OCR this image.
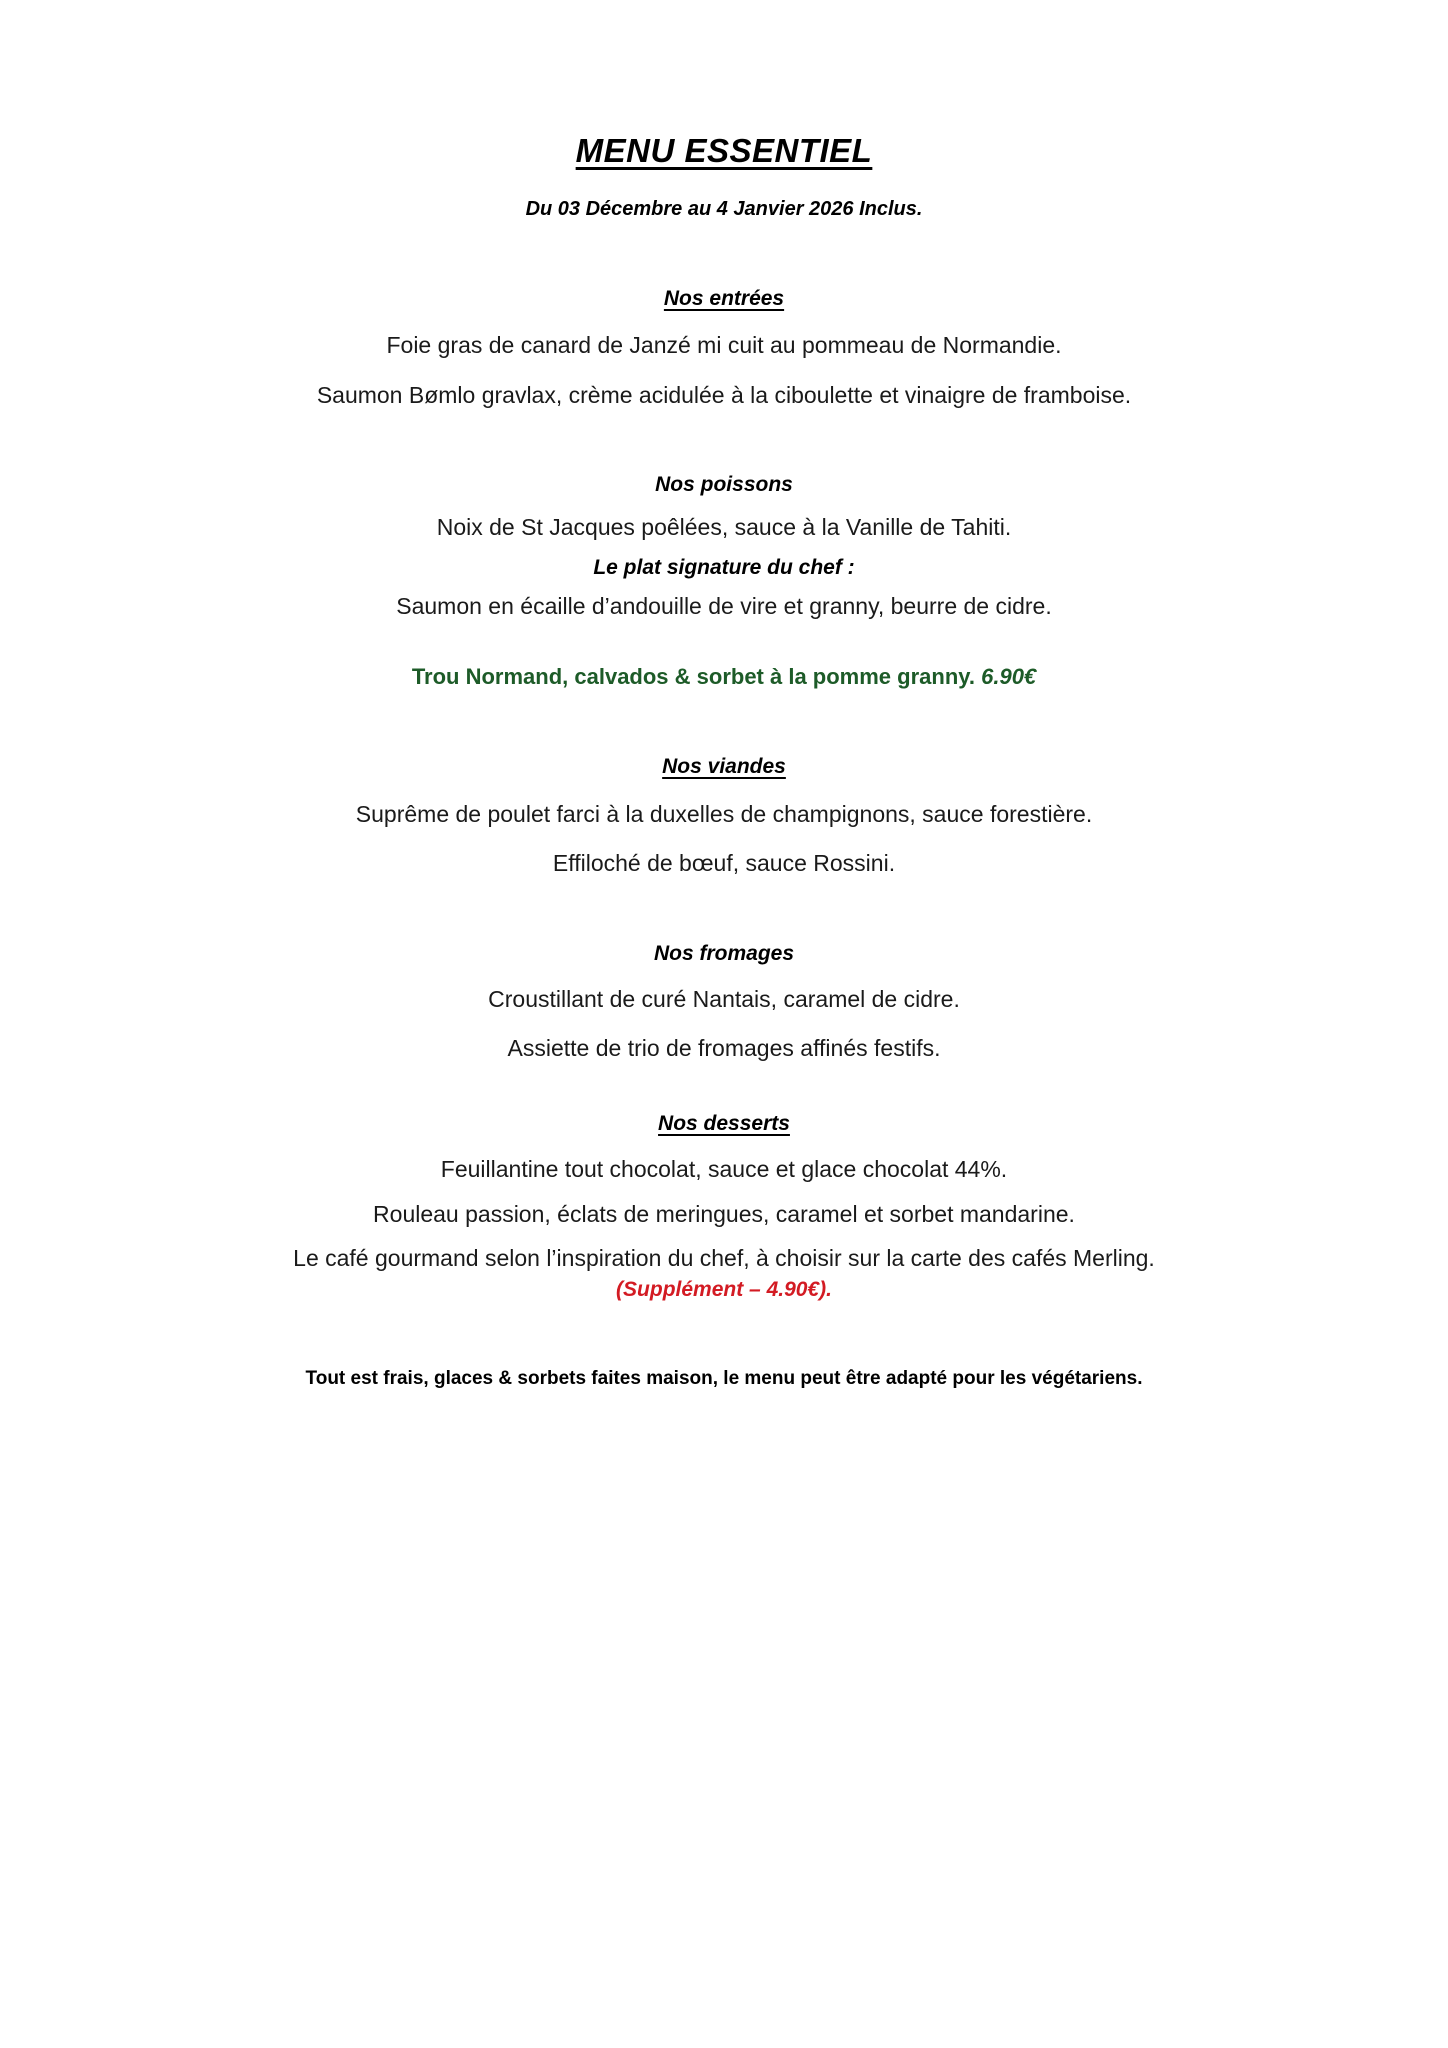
MENU ESSENTIEL

Du 03 Décembre au 4 Janvier 2026 Inclus.

Nos entrées

Foie gras de canard de Janzé mi cuit au pommeau de Normandie.

Saumon Bømlo gravlax, crème acidulée à la ciboulette et vinaigre de framboise.

Nos poissons

Noix de St Jacques poêlées, sauce à la Vanille de Tahiti.

Le plat signature du chef :

Saumon en écaille d’andouille de vire et granny, beurre de cidre.

Trou Normand, calvados & sorbet à la pomme granny. 6.90€

Nos viandes

Suprême de poulet farci à la duxelles de champignons, sauce forestière.

Effiloché de bœuf, sauce Rossini.

Nos fromages

Croustillant de curé Nantais, caramel de cidre.

Assiette de trio de fromages affinés festifs.

Nos desserts

Feuillantine tout chocolat, sauce et glace chocolat 44%.

Rouleau passion, éclats de meringues, caramel et sorbet mandarine.

Le café gourmand selon l’inspiration du chef, à choisir sur la carte des cafés Merling.

(Supplément – 4.90€).

Tout est frais, glaces & sorbets faites maison, le menu peut être adapté pour les végétariens.
